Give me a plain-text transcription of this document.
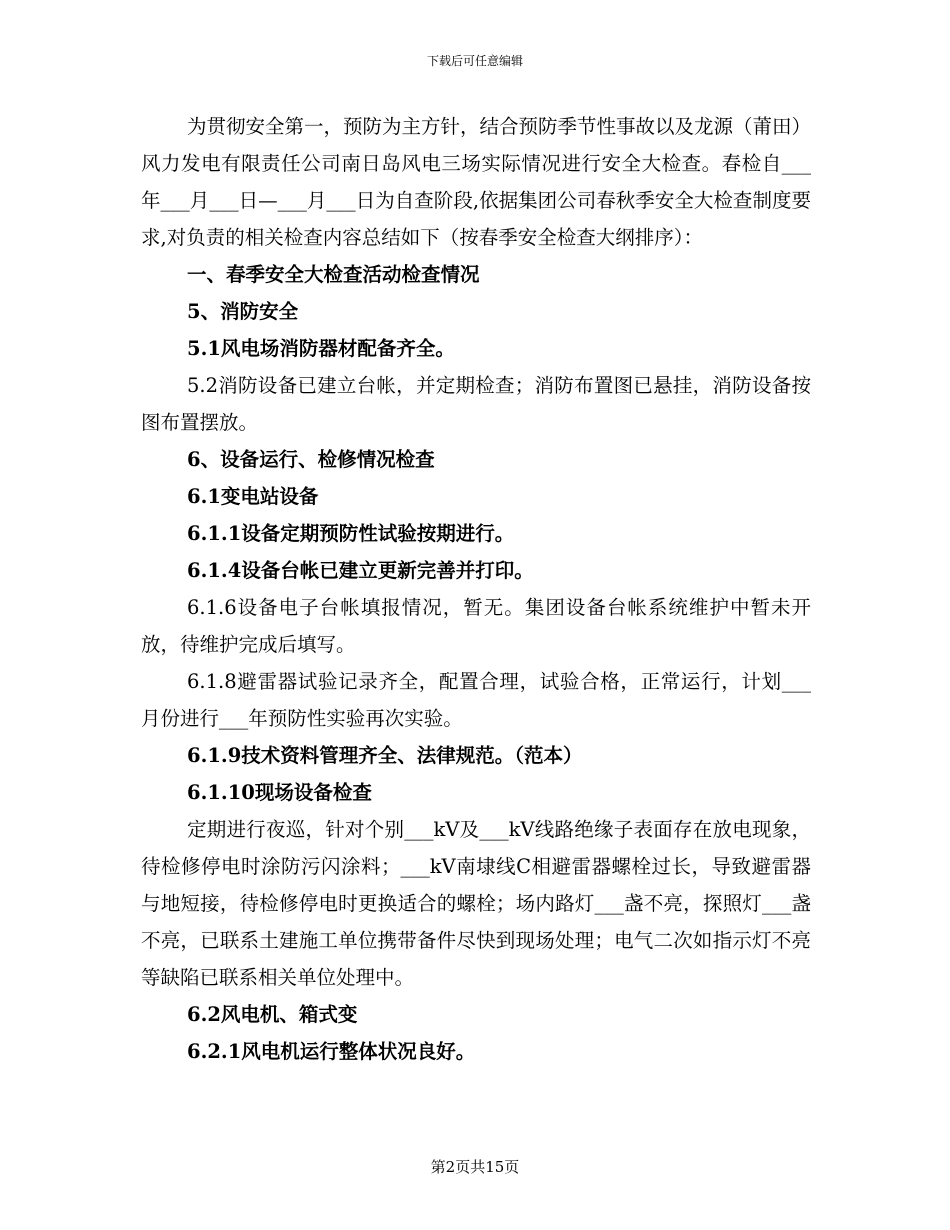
下载后可任意编辑

为贯彻安全第一，预防为主方针，结合预防季节性事故以及龙源（莆田）风力发电有限责任公司南日岛风电三场实际情况进行安全大检查。春检自___年___月___日—___月___日为自查阶段,依据集团公司春秋季安全大检查制度要求,对负责的相关检查内容总结如下（按春季安全检查大纲排序）：

一、春季安全大检查活动检查情况

5、消防安全

5.1风电场消防器材配备齐全。

5.2消防设备已建立台帐，并定期检查；消防布置图已悬挂，消防设备按图布置摆放。

6、设备运行、检修情况检查

6.1变电站设备

6.1.1设备定期预防性试验按期进行。

6.1.4设备台帐已建立更新完善并打印。

6.1.6设备电子台帐填报情况，暂无。集团设备台帐系统维护中暂未开放，待维护完成后填写。

6.1.8避雷器试验记录齐全，配置合理，试验合格，正常运行，计划___月份进行___年预防性实验再次实验。

6.1.9技术资料管理齐全、法律规范。（范本）

6.1.10现场设备检查

定期进行夜巡，针对个别___kV及___kV线路绝缘子表面存在放电现象，待检修停电时涂防污闪涂料；___kV南埭线C相避雷器螺栓过长，导致避雷器与地短接，待检修停电时更换适合的螺栓；场内路灯___盏不亮，探照灯___盏不亮，已联系土建施工单位携带备件尽快到现场处理；电气二次如指示灯不亮等缺陷已联系相关单位处理中。

6.2风电机、箱式变

6.2.1风电机运行整体状况良好。

第2页共15页
